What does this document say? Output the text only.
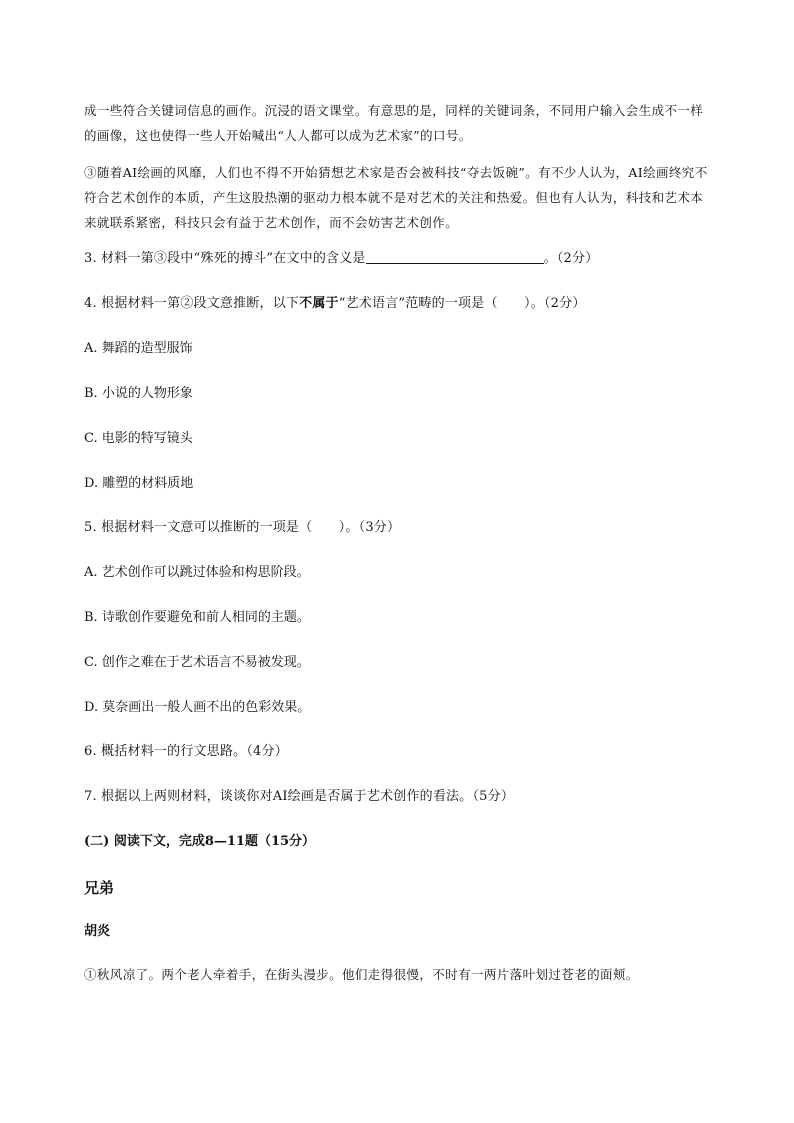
成一些符合关键词信息的画作。沉浸的语文课堂。有意思的是，同样的关键词条，不同用户输入会生成不一样的画像，这也使得一些人开始喊出“人人都可以成为艺术家”的口号。

③随着AI绘画的风靡，人们也不得不开始猜想艺术家是否会被科技“夺去饭碗”。有不少人认为，AI绘画终究不符合艺术创作的本质，产生这股热潮的驱动力根本就不是对艺术的关注和热爱。但也有人认为，科技和艺术本来就联系紧密，科技只会有益于艺术创作，而不会妨害艺术创作。

3. 材料一第③段中“殊死的搏斗”在文中的含义是	。（2分）

4. 根据材料一第②段文意推断，以下不属于“艺术语言”范畴的一项是（　　）。（2分）

A. 舞蹈的造型服饰

B. 小说的人物形象

C. 电影的特写镜头

D. 雕塑的材料质地

5. 根据材料一文意可以推断的一项是（　　）。（3分）

A. 艺术创作可以跳过体验和构思阶段。

B. 诗歌创作要避免和前人相同的主题。

C. 创作之难在于艺术语言不易被发现。

D. 莫奈画出一般人画不出的色彩效果。

6. 概括材料一的行文思路。（4分）

7. 根据以上两则材料，谈谈你对AI绘画是否属于艺术创作的看法。（5分）

(二) 阅读下文，完成8—11题（15分）

兄弟

胡炎

①秋风凉了。两个老人牵着手，在街头漫步。他们走得很慢，不时有一两片落叶划过苍老的面颊。
